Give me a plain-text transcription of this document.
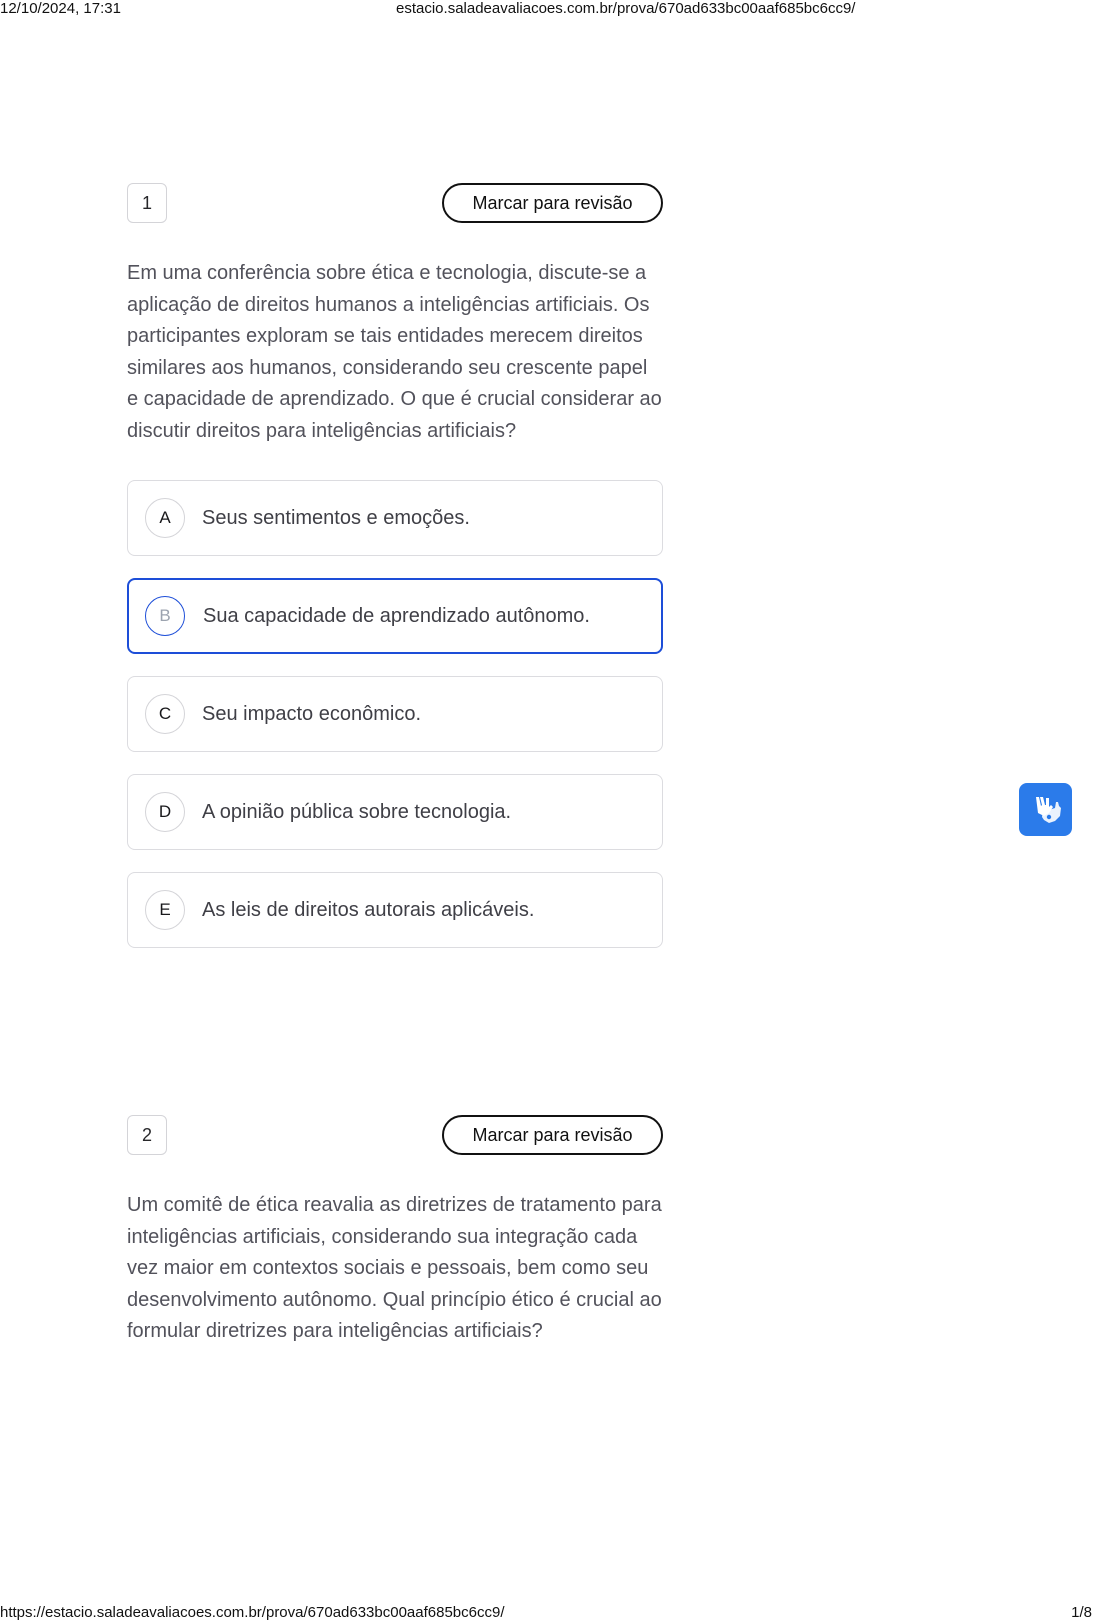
12/10/2024, 17:31	estacio.saladeavaliacoes.com.br/prova/670ad633bc00aaf685bc6cc9/
1	Marcar para revisão

Em uma conferência sobre ética e tecnologia, discute-se a aplicação de direitos humanos a inteligências artificiais. Os participantes exploram se tais entidades merecem direitos similares aos humanos, considerando seu crescente papel e capacidade de aprendizado. O que é crucial considerar ao discutir direitos para inteligências artificiais?

A	Seus sentimentos e emoções.
B	Sua capacidade de aprendizado autônomo.
C	Seu impacto econômico.
D	A opinião pública sobre tecnologia.
E	As leis de direitos autorais aplicáveis.
2	Marcar para revisão

Um comitê de ética reavalia as diretrizes de tratamento para inteligências artificiais, considerando sua integração cada vez maior em contextos sociais e pessoais, bem como seu desenvolvimento autônomo. Qual princípio ético é crucial ao formular diretrizes para inteligências artificiais?

https://estacio.saladeavaliacoes.com.br/prova/670ad633bc00aaf685bc6cc9/	1/8
